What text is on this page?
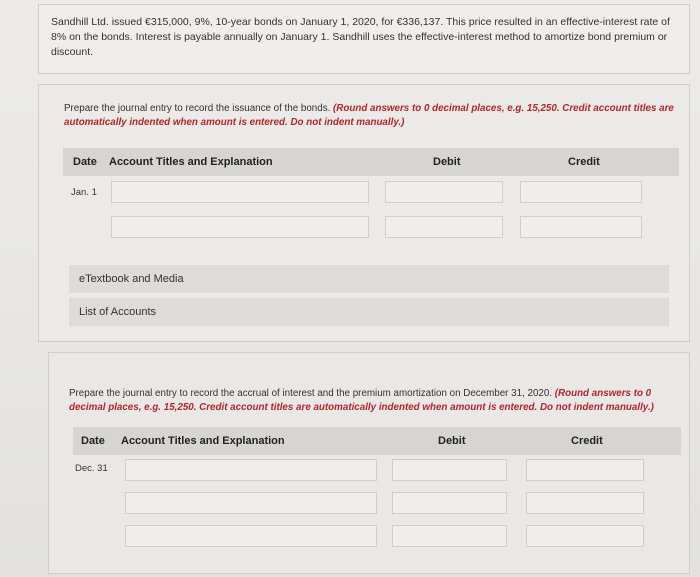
Sandhill Ltd. issued €315,000, 9%, 10-year bonds on January 1, 2020, for €336,137. This price resulted in an effective-interest rate of 8% on the bonds. Interest is payable annually on January 1. Sandhill uses the effective-interest method to amortize bond premium or discount.
Prepare the journal entry to record the issuance of the bonds. (Round answers to 0 decimal places, e.g. 15,250. Credit account titles are automatically indented when amount is entered. Do not indent manually.)
Date Account Titles and Explanation	Debit	Credit
Jan. 1
eTextbook and Media
List of Accounts
Prepare the journal entry to record the accrual of interest and the premium amortization on December 31, 2020. (Round answers to 0 decimal places, e.g. 15,250. Credit account titles are automatically indented when amount is entered. Do not indent manually.)
Date Account Titles and Explanation	Debit	Credit
Dec. 31
